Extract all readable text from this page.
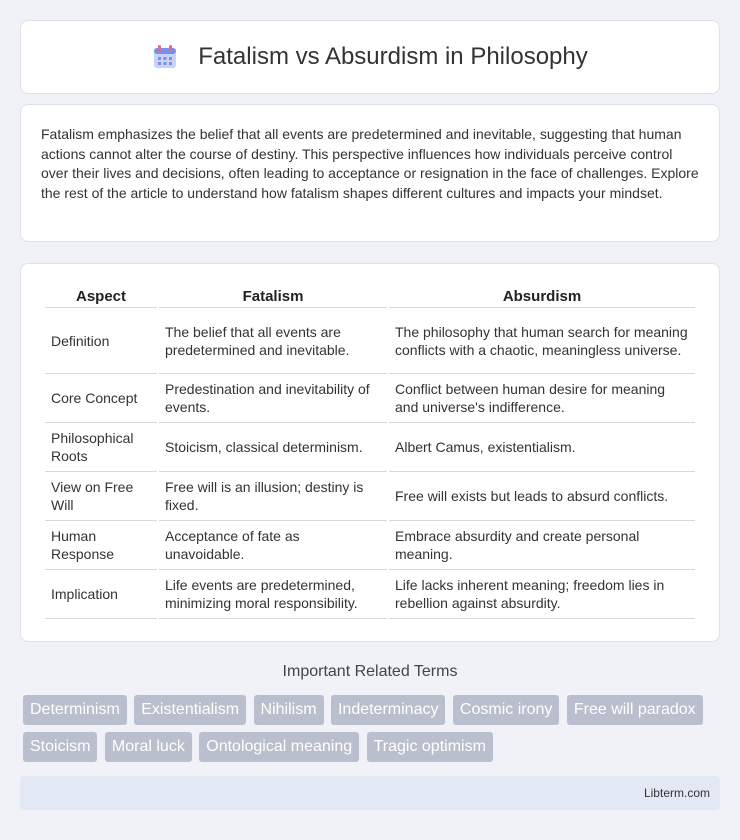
Fatalism vs Absurdism in Philosophy

Fatalism emphasizes the belief that all events are predetermined and inevitable, suggesting that human actions cannot alter the course of destiny. This perspective influences how individuals perceive control over their lives and decisions, often leading to acceptance or resignation in the face of challenges. Explore the rest of the article to understand how fatalism shapes different cultures and impacts your mindset.

Aspect	Fatalism	Absurdism
Definition	The belief that all events are predetermined and inevitable.	The philosophy that human search for meaning conflicts with a chaotic, meaningless universe.
Core Concept	Predestination and inevitability of events.	Conflict between human desire for meaning and universe's indifference.
Philosophical Roots	Stoicism, classical determinism.	Albert Camus, existentialism.
View on Free Will	Free will is an illusion; destiny is fixed.	Free will exists but leads to absurd conflicts.
Human Response	Acceptance of fate as unavoidable.	Embrace absurdity and create personal meaning.
Implication	Life events are predetermined, minimizing moral responsibility.	Life lacks inherent meaning; freedom lies in rebellion against absurdity.
Important Related Terms
Determinism Existentialism Nihilism Indeterminacy Cosmic irony Free will paradox Stoicism Moral luck Ontological meaning Tragic optimism
Libterm.com
